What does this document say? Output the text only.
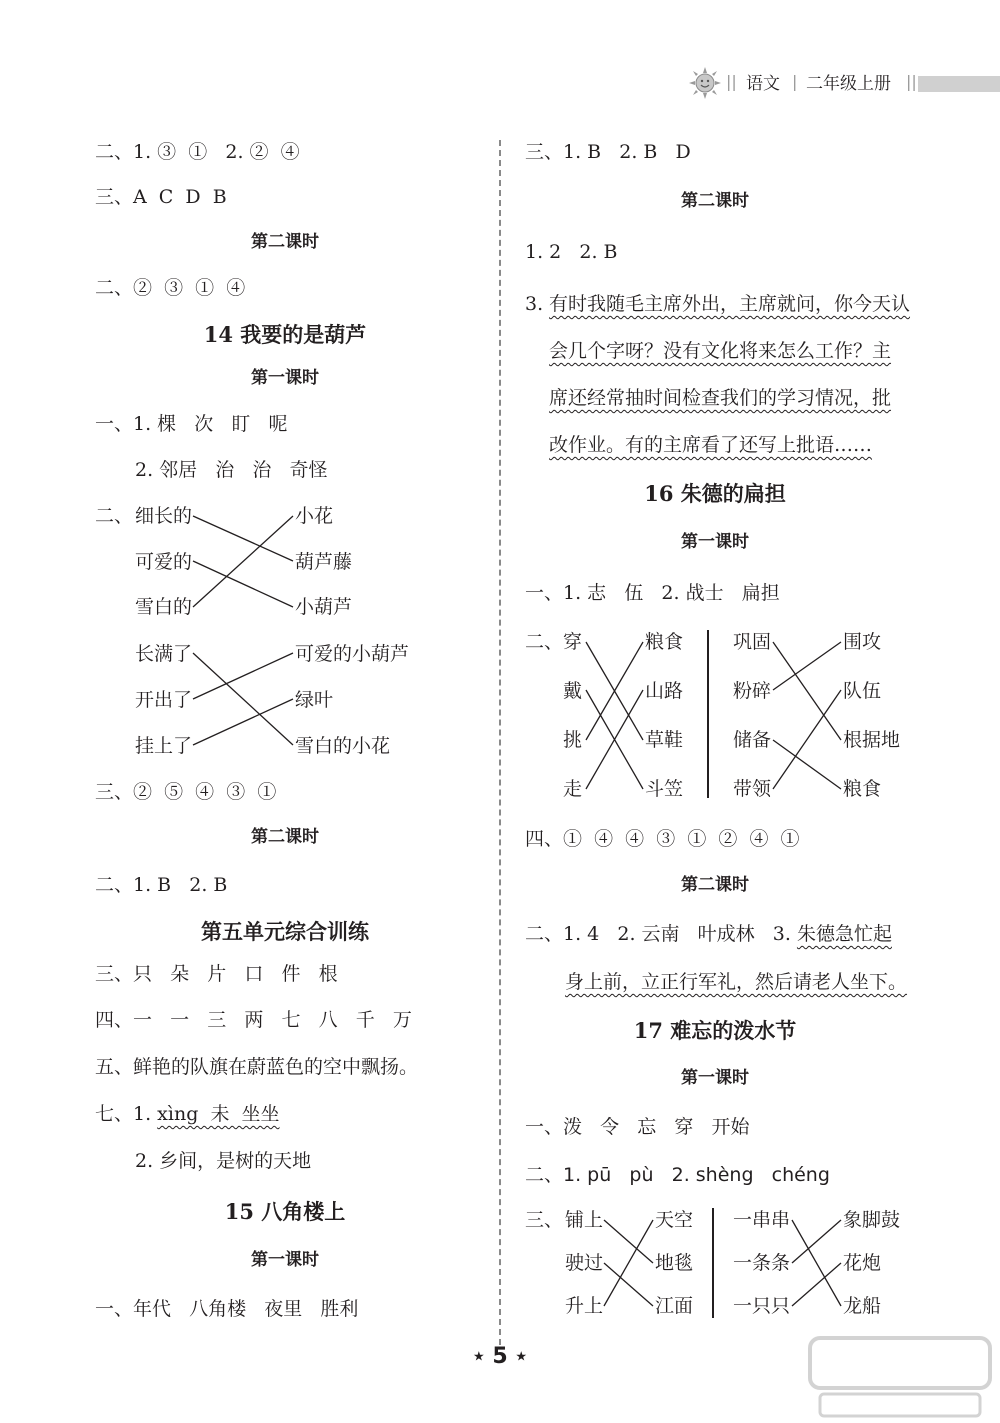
|| 语文 | 二年级上册 ||
二、1. ③  ①   2. ②  ④
三、A  C  D  B
第二课时
二、②  ③  ①  ④
14 我要的是葫芦
第一课时
一、1. 棵   次   盯   呢
2. 邻居   治   治   奇怪
二、 细长的
可爱的
雪白的
小花
葫芦藤
小葫芦
长满了
开出了
挂上了
可爱的小葫芦
绿叶
雪白的小花
三、②  ⑤  ④  ③  ①
第二课时
二、1. B   2. B
第五单元综合训练
三、只   朵   片   口   件   根
四、一   一   三   两   七   八   千   万
五、鲜艳的队旗在蔚蓝色的空中飘扬。
七、1. xìng  未  坐坐
2. 乡间，是树的天地
15 八角楼上
第一课时
一、年代   八角楼   夜里   胜利
三、1. B   2. B   D
第二课时
1. 2   2. B
3. 有时我随毛主席外出，主席就问，你今天认
会几个字呀？没有文化将来怎么工作？主
席还经常抽时间检查我们的学习情况，批
改作业。有的主席看了还写上批语……
16 朱德的扁担
第一课时
一、1. 志   伍   2. 战士   扁担
二、 穿
戴
挑
走
粮食
山路
草鞋
斗笠
巩固
粉碎
储备
带领
围攻
队伍
根据地
粮食
四、①  ④  ④  ③  ①  ②  ④  ①
第二课时
二、1. 4   2. 云南   叶成林   3. 朱德急忙起
身上前，立正行军礼，然后请老人坐下。
17 难忘的泼水节
第一课时
一、泼   令   忘   穿   开始
二、1. pū   pù   2. shèng   chéng
三、 铺上
驶过
升上
天空
地毯
江面
一串串
一条条
一只只
象脚鼓
花炮
龙船
★ 5 ★
